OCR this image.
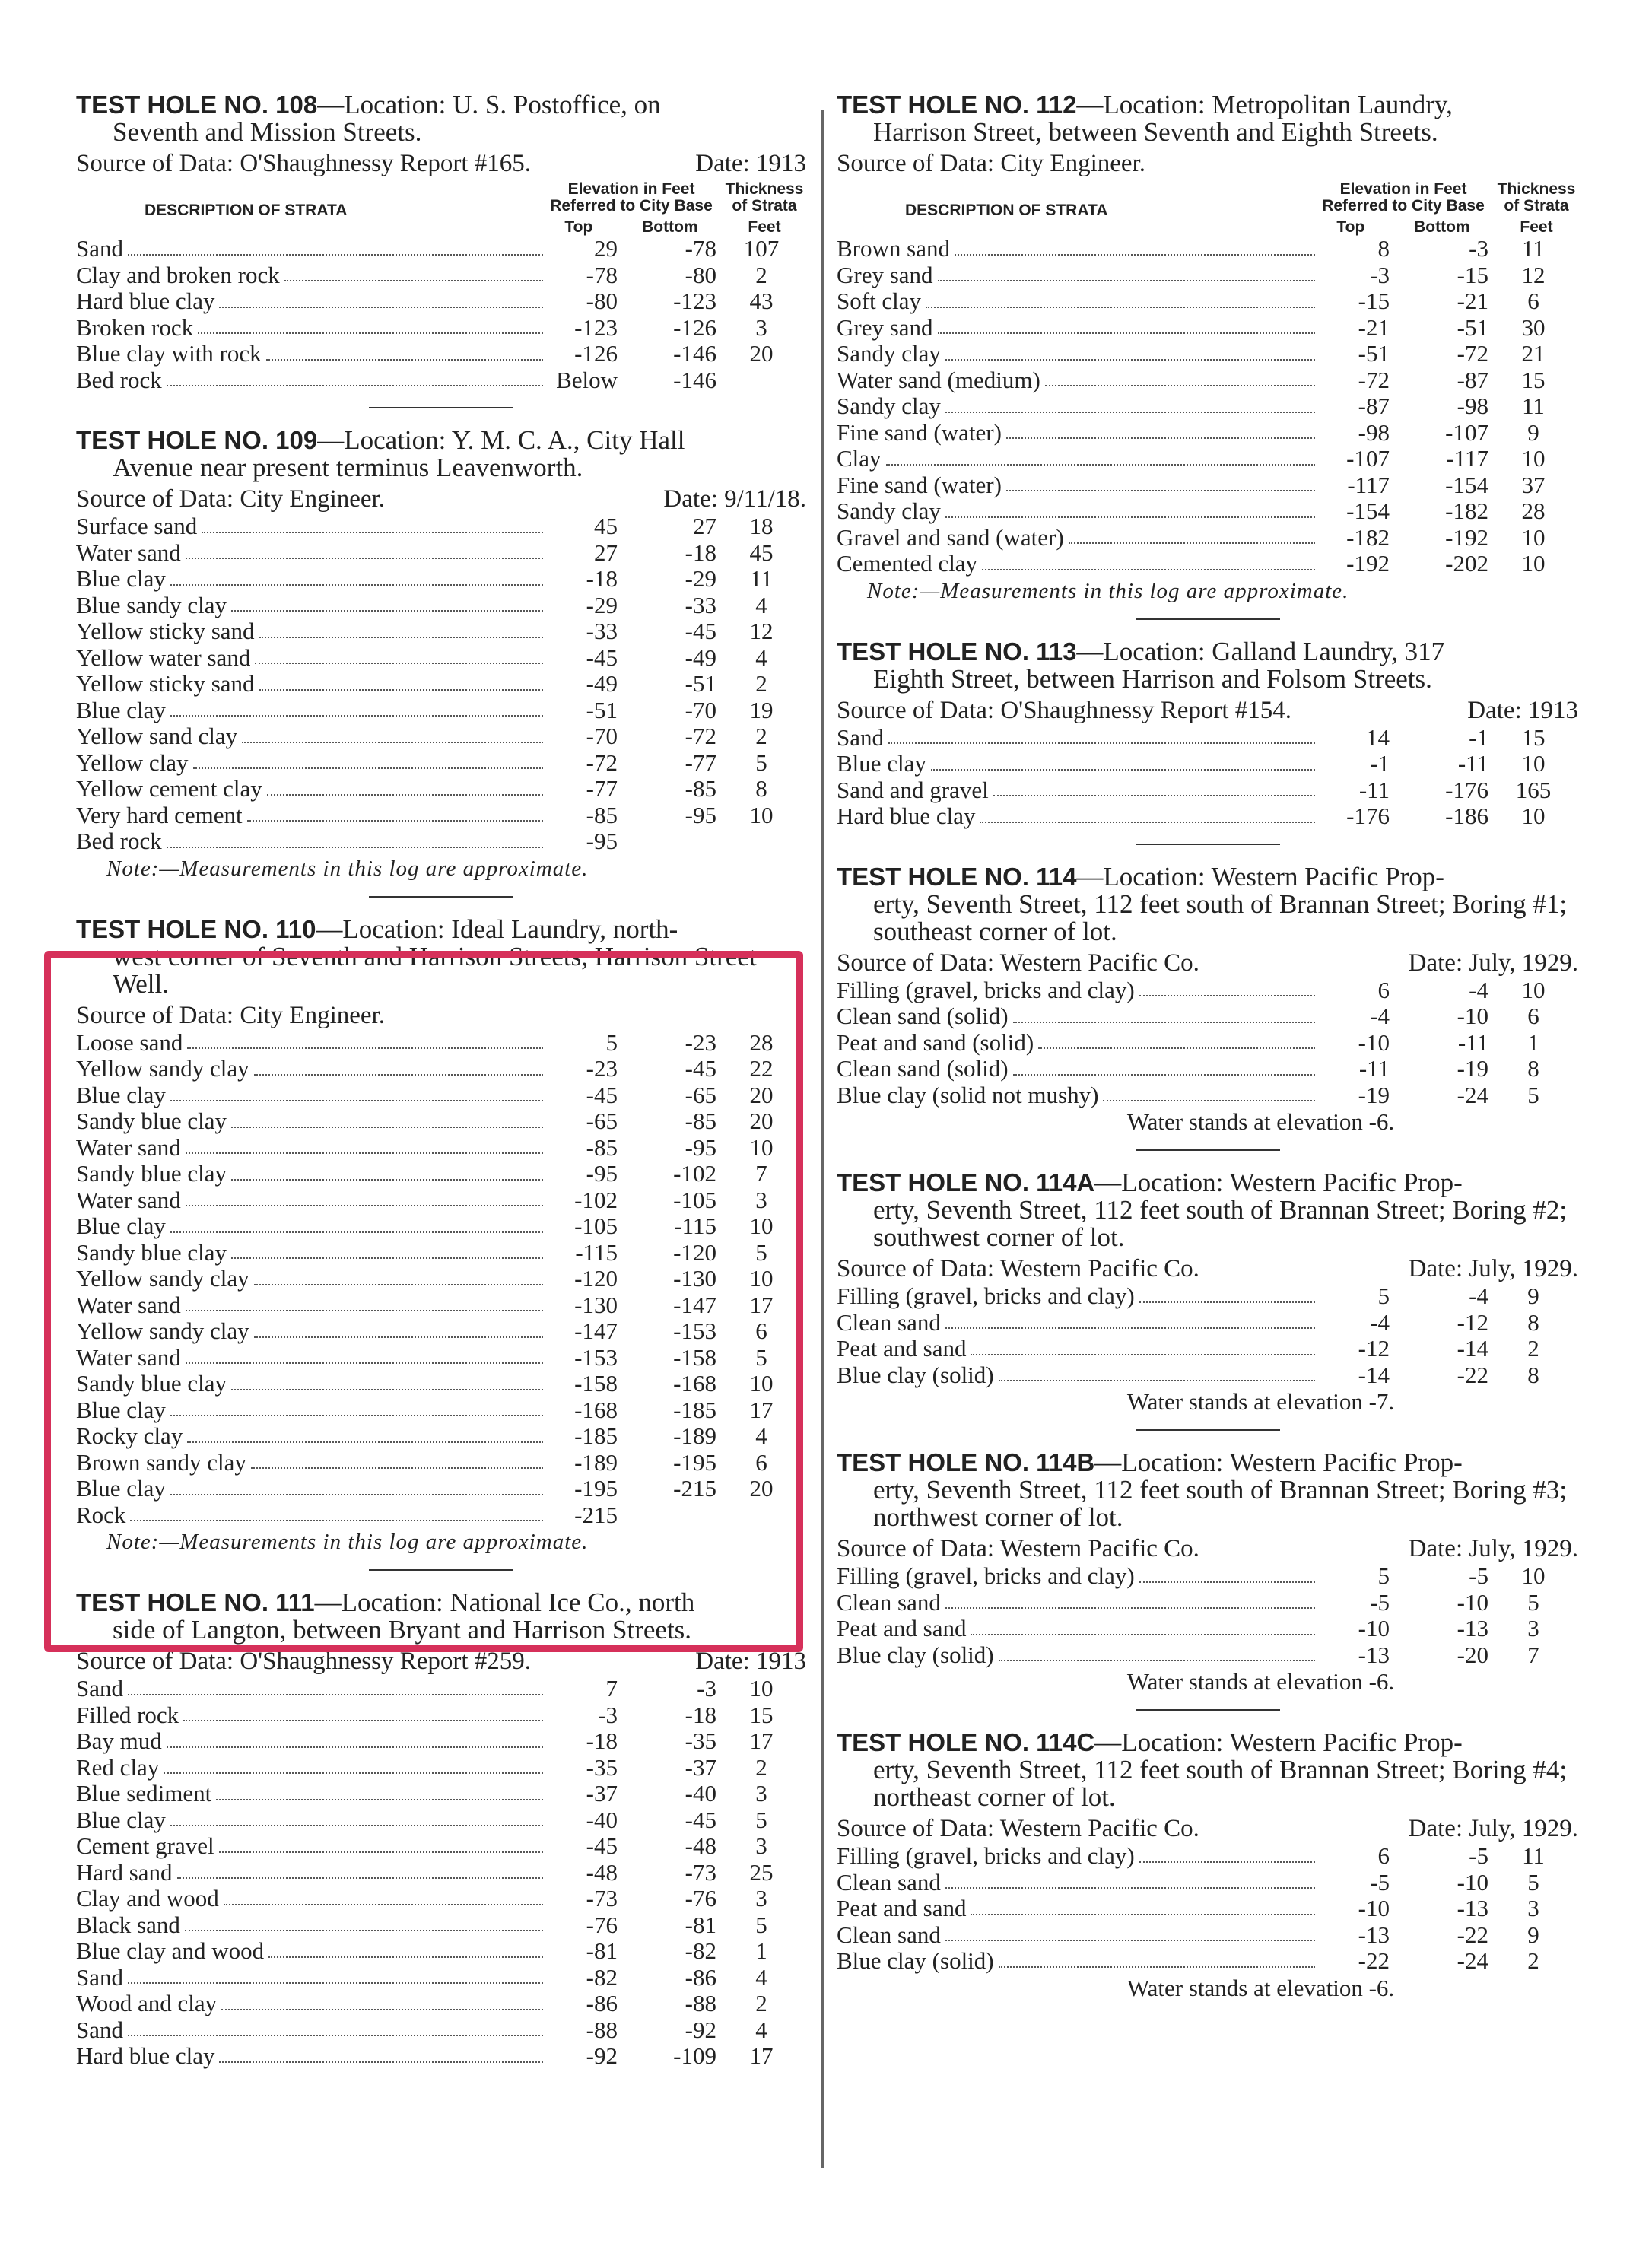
TEST HOLE NO. 108—Location: U. S. Postoffice, on
Seventh and Mission Streets.
Source of Data: O'Shaughnessy Report #165.	Date: 1913
DESCRIPTION OF STRATA
Elevation in Feet Referred to City Base
Top	Bottom
Thickness of Strata
Feet
Sand	29	-78	107
Clay and broken rock	-78	-80	2
Hard blue clay	-80	-123	43
Broken rock	-123	-126	3
Blue clay with rock	-126	-146	20
Bed rock	Below	-146
TEST HOLE NO. 109—Location: Y. M. C. A., City Hall
Avenue near present terminus Leavenworth.
Source of Data: City Engineer.	Date: 9/11/18.
Surface sand	45	27	18
Water sand	27	-18	45
Blue clay	-18	-29	11
Blue sandy clay	-29	-33	4
Yellow sticky sand	-33	-45	12
Yellow water sand	-45	-49	4
Yellow sticky sand	-49	-51	2
Blue clay	-51	-70	19
Yellow sand clay	-70	-72	2
Yellow clay	-72	-77	5
Yellow cement clay	-77	-85	8
Very hard cement	-85	-95	10
Bed rock	-95
Note:—Measurements in this log are approximate.
TEST HOLE NO. 110—Location: Ideal Laundry, north-
west corner of Seventh and Harrison Streets, Harrison Street Well.
Source of Data: City Engineer.
Loose sand	5	-23	28
Yellow sandy clay	-23	-45	22
Blue clay	-45	-65	20
Sandy blue clay	-65	-85	20
Water sand	-85	-95	10
Sandy blue clay	-95	-102	7
Water sand	-102	-105	3
Blue clay	-105	-115	10
Sandy blue clay	-115	-120	5
Yellow sandy clay	-120	-130	10
Water sand	-130	-147	17
Yellow sandy clay	-147	-153	6
Water sand	-153	-158	5
Sandy blue clay	-158	-168	10
Blue clay	-168	-185	17
Rocky clay	-185	-189	4
Brown sandy clay	-189	-195	6
Blue clay	-195	-215	20
Rock	-215
Note:—Measurements in this log are approximate.
TEST HOLE NO. 111—Location: National Ice Co., north
side of Langton, between Bryant and Harrison Streets.
Source of Data: O'Shaughnessy Report #259.	Date: 1913
Sand	7	-3	10
Filled rock	-3	-18	15
Bay mud	-18	-35	17
Red clay	-35	-37	2
Blue sediment	-37	-40	3
Blue clay	-40	-45	5
Cement gravel	-45	-48	3
Hard sand	-48	-73	25
Clay and wood	-73	-76	3
Black sand	-76	-81	5
Blue clay and wood	-81	-82	1
Sand	-82	-86	4
Wood and clay	-86	-88	2
Sand	-88	-92	4
Hard blue clay	-92	-109	17
TEST HOLE NO. 112—Location: Metropolitan Laundry,
Harrison Street, between Seventh and Eighth Streets.
Source of Data: City Engineer.
DESCRIPTION OF STRATA
Elevation in Feet Referred to City Base
Top	Bottom
Thickness of Strata
Feet
Brown sand	8	-3	11
Grey sand	-3	-15	12
Soft clay	-15	-21	6
Grey sand	-21	-51	30
Sandy clay	-51	-72	21
Water sand (medium)	-72	-87	15
Sandy clay	-87	-98	11
Fine sand (water)	-98	-107	9
Clay	-107	-117	10
Fine sand (water)	-117	-154	37
Sandy clay	-154	-182	28
Gravel and sand (water)	-182	-192	10
Cemented clay	-192	-202	10
Note:—Measurements in this log are approximate.
TEST HOLE NO. 113—Location: Galland Laundry, 317
Eighth Street, between Harrison and Folsom Streets.
Source of Data: O'Shaughnessy Report #154.	Date: 1913
Sand	14	-1	15
Blue clay	-1	-11	10
Sand and gravel	-11	-176	165
Hard blue clay	-176	-186	10
TEST HOLE NO. 114—Location: Western Pacific Prop-
erty, Seventh Street, 112 feet south of Brannan Street; Boring #1; southeast corner of lot.
Source of Data: Western Pacific Co.	Date: July, 1929.
Filling (gravel, bricks and clay)	6	-4	10
Clean sand (solid)	-4	-10	6
Peat and sand (solid)	-10	-11	1
Clean sand (solid)	-11	-19	8
Blue clay (solid not mushy)	-19	-24	5
Water stands at elevation -6.
TEST HOLE NO. 114A—Location: Western Pacific Prop-
erty, Seventh Street, 112 feet south of Brannan Street; Boring #2; southwest corner of lot.
Source of Data: Western Pacific Co.	Date: July, 1929.
Filling (gravel, bricks and clay)	5	-4	9
Clean sand	-4	-12	8
Peat and sand	-12	-14	2
Blue clay (solid)	-14	-22	8
Water stands at elevation -7.
TEST HOLE NO. 114B—Location: Western Pacific Prop-
erty, Seventh Street, 112 feet south of Brannan Street; Boring #3; northwest corner of lot.
Source of Data: Western Pacific Co.	Date: July, 1929.
Filling (gravel, bricks and clay)	5	-5	10
Clean sand	-5	-10	5
Peat and sand	-10	-13	3
Blue clay (solid)	-13	-20	7
Water stands at elevation -6.
TEST HOLE NO. 114C—Location: Western Pacific Prop-
erty, Seventh Street, 112 feet south of Brannan Street; Boring #4; northeast corner of lot.
Source of Data: Western Pacific Co.	Date: July, 1929.
Filling (gravel, bricks and clay)	6	-5	11
Clean sand	-5	-10	5
Peat and sand	-10	-13	3
Clean sand	-13	-22	9
Blue clay (solid)	-22	-24	2
Water stands at elevation -6.
